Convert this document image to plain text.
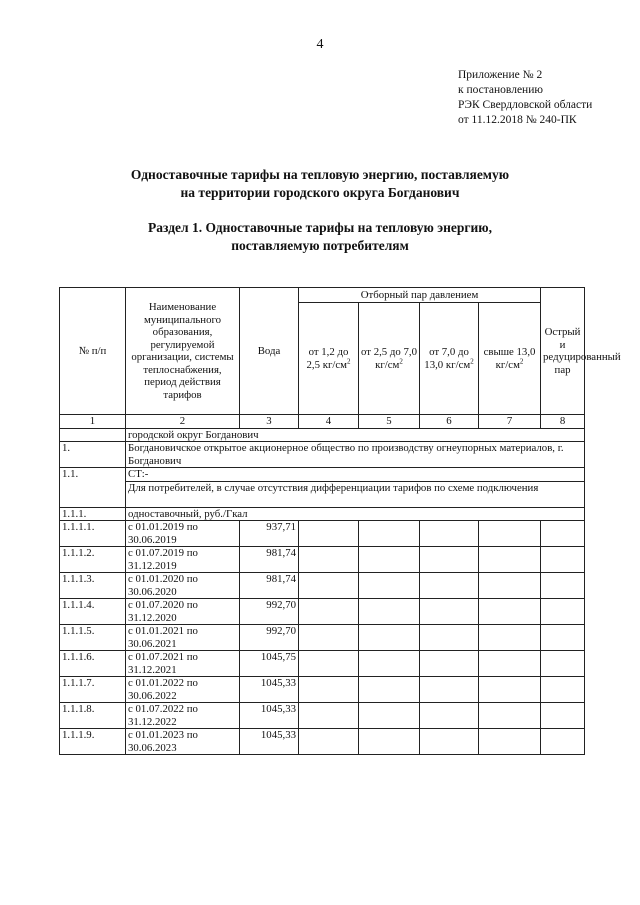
4
Приложение № 2
к постановлению
РЭК Свердловской области
от 11.12.2018 № 240-ПК
Одноставочные тарифы на тепловую энергию, поставляемую
на территории городского округа Богданович
Раздел 1. Одноставочные тарифы на тепловую энергию,
поставляемую потребителям
№ п/п	Наименование муниципального образования, регулируемой организации, системы теплоснабжения, период действия тарифов	Вода	Отборный пар давлением				Острый и редуцированный пар
			от 1,2 до 2,5 $кг/см^2$	от 2,5 до 7,0 $кг/см^2$	от 7,0 до 13,0 $кг/см^2$	свыше 13,0 $кг/см^2$
1	2	3	4	5	6	7	8
	городской округ Богданович						
1.	Богдановичское открытое акционерное общество по производству огнеупорных материалов, г. Богданович						
1.1.	СТ:-						
	Для потребителей, в случае отсутствия дифференциации тарифов по схеме подключения						
1.1.1.	одноставочный, руб./Гкал						
1.1.1.1.	с 01.01.2019 по 30.06.2019	937,71					
1.1.1.2.	с 01.07.2019 по 31.12.2019	981,74					
1.1.1.3.	с 01.01.2020 по 30.06.2020	981,74					
1.1.1.4.	с 01.07.2020 по 31.12.2020	992,70					
1.1.1.5.	с 01.01.2021 по 30.06.2021	992,70					
1.1.1.6.	с 01.07.2021 по 31.12.2021	1045,75					
1.1.1.7.	с 01.01.2022 по 30.06.2022	1045,33					
1.1.1.8.	с 01.07.2022 по 31.12.2022	1045,33					
1.1.1.9.	с 01.01.2023 по 30.06.2023	1045,33					
